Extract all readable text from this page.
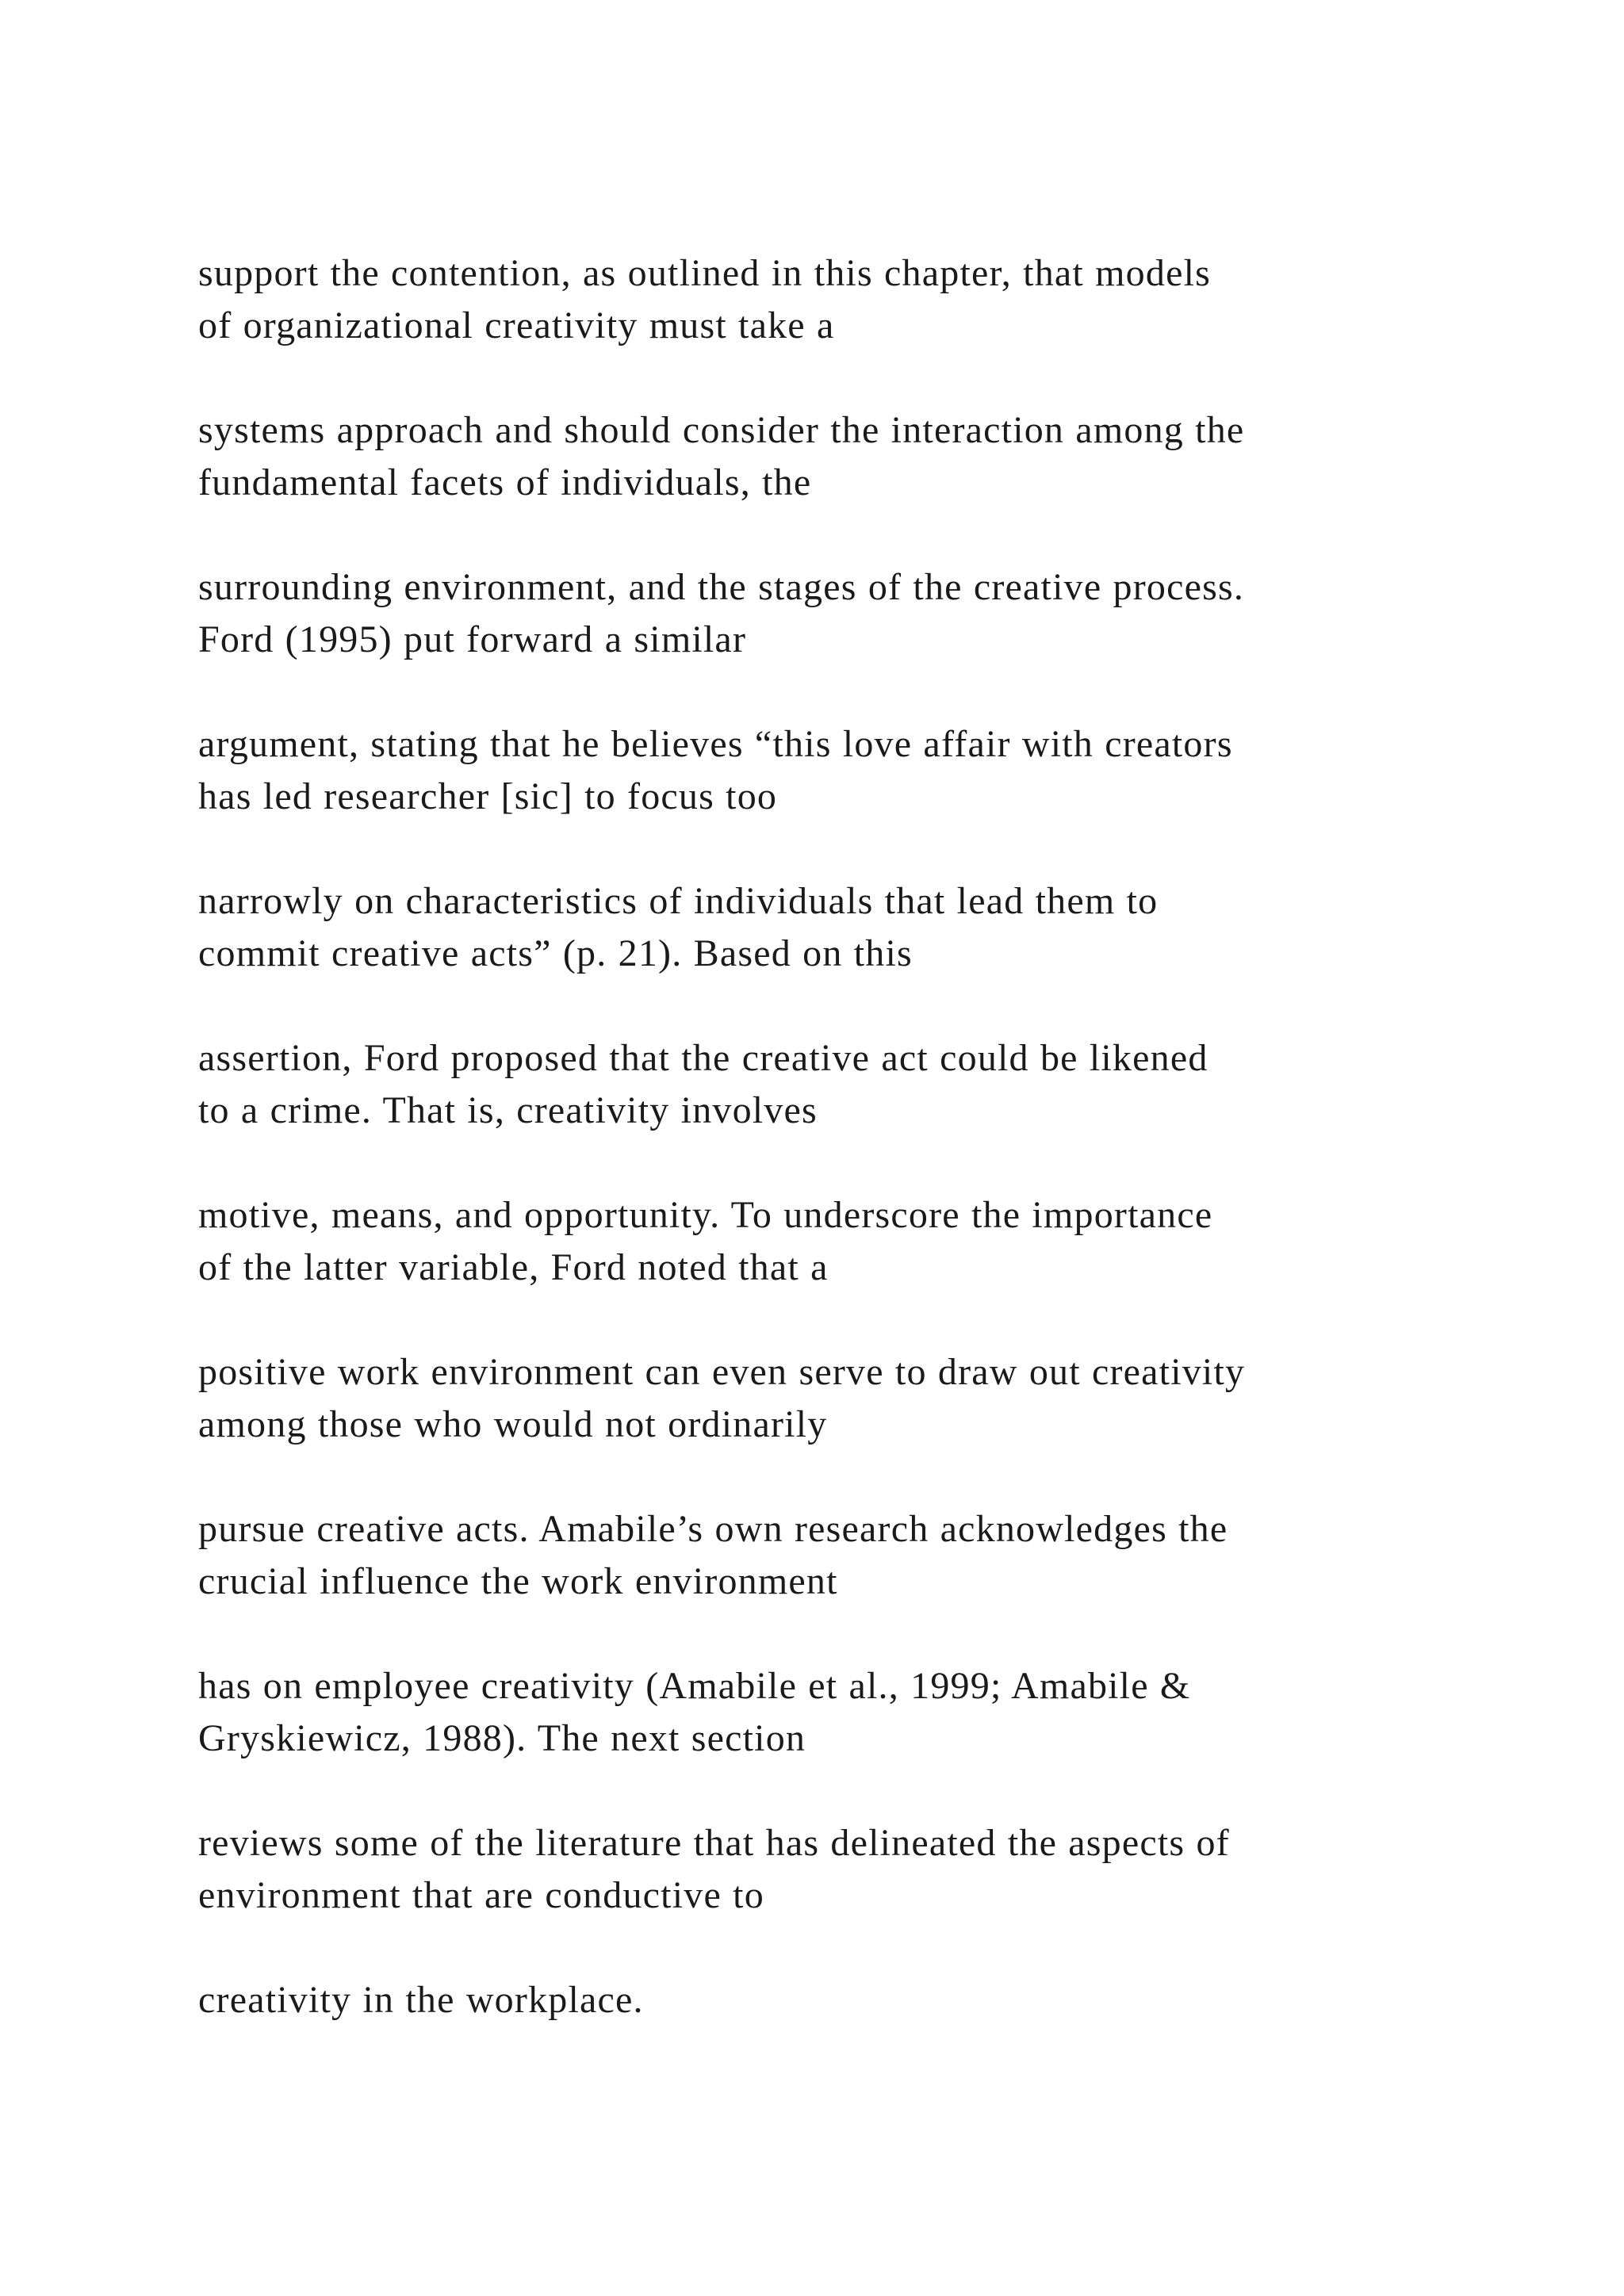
support the contention, as outlined in this chapter, that models
of organizational creativity must take a

systems approach and should consider the interaction among the
fundamental facets of individuals, the

surrounding environment, and the stages of the creative process.
Ford (1995) put forward a similar

argument, stating that he believes “this love affair with creators
has led researcher [sic] to focus too

narrowly on characteristics of individuals that lead them to
commit creative acts” (p. 21). Based on this

assertion, Ford proposed that the creative act could be likened
to a crime. That is, creativity involves

motive, means, and opportunity. To underscore the importance
of the latter variable, Ford noted that a

positive work environment can even serve to draw out creativity
among those who would not ordinarily

pursue creative acts. Amabile’s own research acknowledges the
crucial influence the work environment

has on employee creativity (Amabile et al., 1999; Amabile &
Gryskiewicz, 1988). The next section

reviews some of the literature that has delineated the aspects of
environment that are conductive to

creativity in the workplace.
